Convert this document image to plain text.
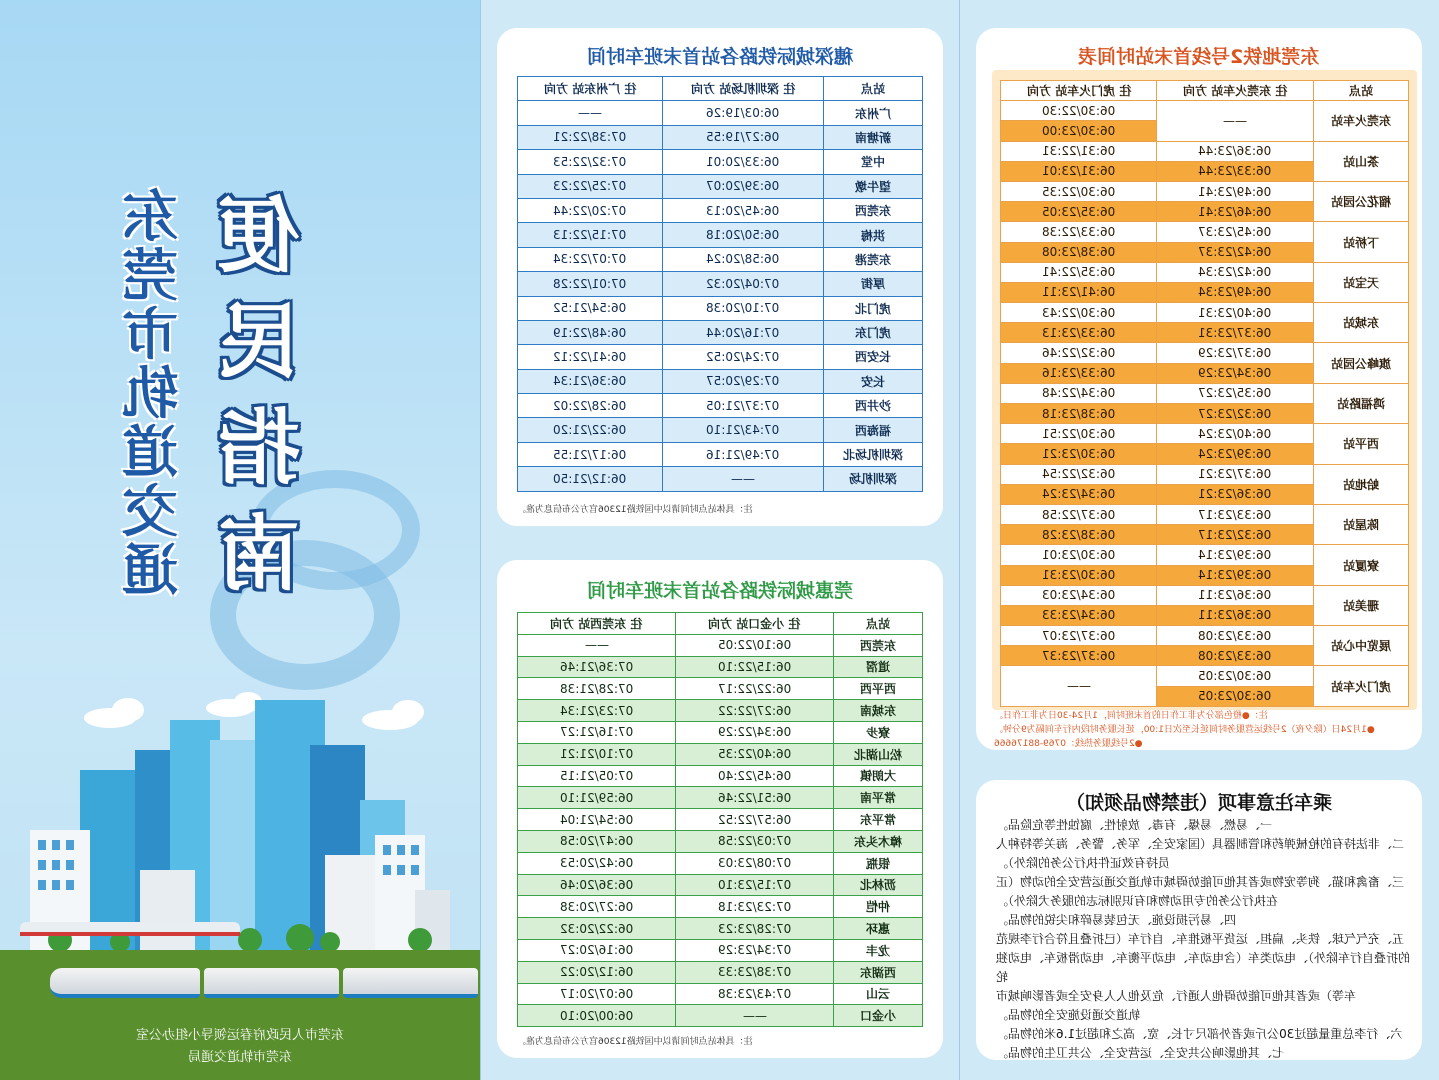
便
民
指
南
东
莞
市
轨
道
交
通
东莞市人民政府春运领导小组办公室
东莞市轨道交通局
穗深城际铁路各站首末班车时间
往 广州东站 方向	往 深圳机场站 方向	站点
——	06:03/19:26	广州东
07:38/22:21	06:27/19:55	新塘南
07:32/22:53	06:33/20:01	中堂
07:25/22:23	06:39/20:07	望牛墩
07:20/22:44	06:45/20:13	东莞西
07:15/22:13	06:50/20:18	洪梅
07:07/22:34	06:58/20:24	东莞港
07:01/22:28	07:04/20:32	厚街
06:54/21:52	07:10/20:38	虎门北
06:48/22:19	07:16/20:44	虎门东
06:41/22:12	07:24/20:52	长安西
06:36/21:34	07:29/20:57	长安
06:28/22:02	07:37/21:05	沙井西
06:22/21:20	07:43/21:10	福海西
06:17/21:55	07:49/21:16	深圳机场北
06:12/21:50	——	深圳机场
注：具体站点时间请以中国铁路12306官方公布信息为准。
莞惠城际铁路各站首末班车时间
往 东莞西站 方向	往 小金口站 方向	站点
——	06:10/22:05	东莞西
07:36/21:46	06:15/22:10	道滘
07:28/21:38	06:22/22:17	西平西
07:23/21:34	06:27/22:22	东城南
07:16/21:27	06:34/22:29	寮步
07:10/21:21	06:40/22:35	松山湖北
07:05/21:15	06:45/22:40	大朗镇
06:59/21:10	06:51/22:46	常平南
06:54/21:04	06:57/22:52	常平东
06:47/20:58	07:03/22:58	樟木头东
06:42/20:53	07:08/23:03	银瓶
06:36/20:46	07:15/23:10	沥林北
06:27/20:38	07:23/23:18	仲恺
06:22/20:32	07:28/23:23	惠环
06:16/20:27	07:34/23:29	龙丰
06:12/20:22	07:38/23:33	西湖东
06:07/20:17	07:43/23:38	云山
06:00/20:10	——	小金口
注：具体站点时间请以中国铁路12306官方公布信息为准。
东莞地铁2号线首末站时间表
往 虎门火车站 方向	往 东莞火车站 方向	站点
06:30/22:30	——	东莞火车站
06:30/23:00		
06:31/22:31	06:36/23:44	茶山站
06:31/23:01	06:33/23:44	
06:30/22:35	06:49/23:41	榴花公园站
06:35/23:05	06:46/23:41	
06:33/22:38	06:45/23:37	下桥站
06:38/23:08	06:42/23:37	
06:35/22:41	06:42/23:34	天宝站
06:41/23:11	06:49/23:34	
06:30/22:43	06:40/23:31	东城站
06:33/23:13	06:37/23:31	
06:32/22:46	06:37/23:29	旗峰公园站
06:33/23:16	06:34/23:29	
06:34/22:48	06:35/23:27	鸿福路站
06:38/23:18	06:32/23:27	
06:30/22:51	06:40/23:24	西平站
06:30/23:21	06:39/23:24	
06:32/22:54	06:37/23:21	蛤地站
06:34/23:24	06:36/23:21	
06:37/22:58	06:33/23:17	陈屋站
06:38/23:28	06:32/23:17	
06:30/23:01	06:39/23:14	寮厦站
06:30/23:31	06:39/23:14	
06:34/23:03	06:36/23:11	珊美站
06:34/23:33	06:36/23:11	
06:37/23:07	06:33/23:08	展览中心站
06:37/23:37	06:33/23:08	
——	06:30/23:05	虎门火车站
	06:30/23:05	
注：●橙色部分为非工作日的首末班时间，1月24-30日为非工作日。
●1月24日（除夕夜）2号线运营服务时间延长至次日1:00，延长服务时段内行车间隔为9分钟。
●2号线服务热线：0769-88176666
乘车注意事项（违禁物品须知）

一、易燃、易爆、有毒、放射性、腐蚀性等危险品。

二、非法持有的枪械弹药和管制器具（国家安全、军务、警务、海关等特种人

员持有效证件执行公务的除外）。

三、畜禽和猫、狗等宠物或者其他可能妨碍城市轨道交通运营安全的动物（正

在执行公务的专用动物和有识别标志的服务犬除外）。

四、易污损设施、无包装易碎和尖锐的物品。

五、充气气球、铁头、扁担、运货平板推车、自行车（已折叠且符合行李规范

的折叠自行车除外）、电动类车（含电动车、电动平衡车、电动滑板车、电动独轮

车等）或者其他可能妨碍他人通行、危及他人人身安全或者影响城市

轨道交通设施安全的物品。

六、行李总重量超过30公斤或者外部尺寸长、宽、高之和超过1.6米的物品。

七、其他影响公共安全、运营安全、公共卫生的物品。
